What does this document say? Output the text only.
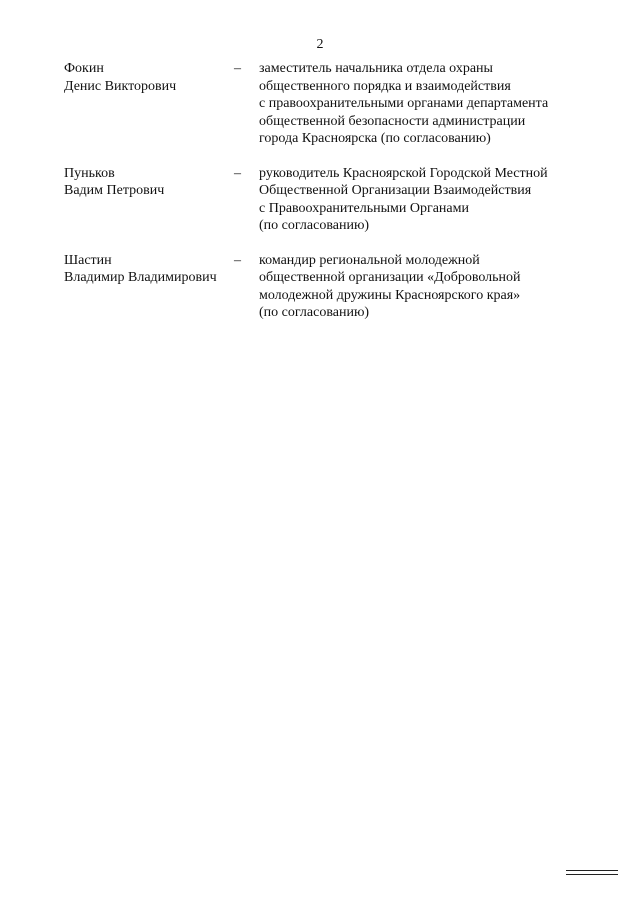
2
Фокин
Денис Викторович
–	заместитель начальника отдела охраны
общественного порядка и взаимодействия
с правоохранительными органами департамента
общественной безопасности администрации
города Красноярска (по согласованию)
Пуньков
Вадим Петрович
–	руководитель Красноярской Городской Местной
Общественной Организации Взаимодействия
с Правоохранительными Органами
(по согласованию)
Шастин
Владимир Владимирович
–	командир региональной молодежной
общественной организации «Добровольной
молодежной дружины Красноярского края»
(по согласованию)
